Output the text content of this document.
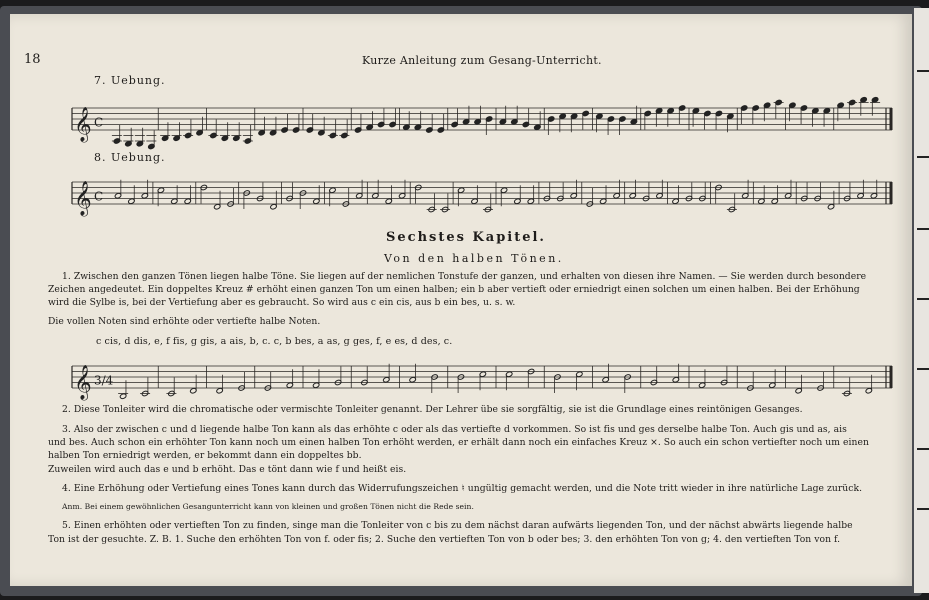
18	Kurze Anleitung zum Gesang-Unterricht.
7. Uebung.
𝄞 C
8. Uebung.
𝄞 C
Sechstes Kapitel.
Von den halben Tönen.
1. Zwischen den ganzen Tönen liegen halbe Töne. Sie liegen auf der nemlichen Tonstufe der ganzen, und erhalten von diesen ihre Namen. — Sie werden durch besondere
Zeichen angedeutet. Ein doppeltes Kreuz # erhöht einen ganzen Ton um einen halben; ein b aber vertieft oder erniedrigt einen solchen um einen halben. Bei der Erhöhung
wird die Sylbe is, bei der Vertiefung aber es gebraucht. So wird aus c ein cis, aus b ein bes, u. s. w.
Die vollen Noten sind erhöhte oder vertiefte halbe Noten.
c cis, d dis, e, f fis, g gis, a ais, b, c. c, b bes, a as, g ges, f, e es, d des, c.
𝄞 3/4
2. Diese Tonleiter wird die chromatische oder vermischte Tonleiter genannt. Der Lehrer übe sie sorgfältig, sie ist die Grundlage eines reintönigen Gesanges.
3. Also der zwischen c und d liegende halbe Ton kann als das erhöhte c oder als das vertiefte d vorkommen. So ist fis und ges derselbe halbe Ton. Auch gis und as, ais
und bes. Auch schon ein erhöhter Ton kann noch um einen halben Ton erhöht werden, er erhält dann noch ein einfaches Kreuz ×. So auch ein schon vertiefter noch um einen
halben Ton erniedrigt werden, er bekommt dann ein doppeltes bb.
Zuweilen wird auch das e und b erhöht. Das e tönt dann wie f und heißt eis.
4. Eine Erhöhung oder Vertiefung eines Tones kann durch das Widerrufungszeichen ♮ ungültig gemacht werden, und die Note tritt wieder in ihre natürliche Lage zurück.
Anm. Bei einem gewöhnlichen Gesangunterricht kann von kleinen und großen Tönen nicht die Rede sein.
5. Einen erhöhten oder vertieften Ton zu finden, singe man die Tonleiter von c bis zu dem nächst daran aufwärts liegenden Ton, und der nächst abwärts liegende halbe
Ton ist der gesuchte. Z. B. 1. Suche den erhöhten Ton von f. oder fis; 2. Suche den vertieften Ton von b oder bes; 3. den erhöhten Ton von g; 4. den vertieften Ton von f.
